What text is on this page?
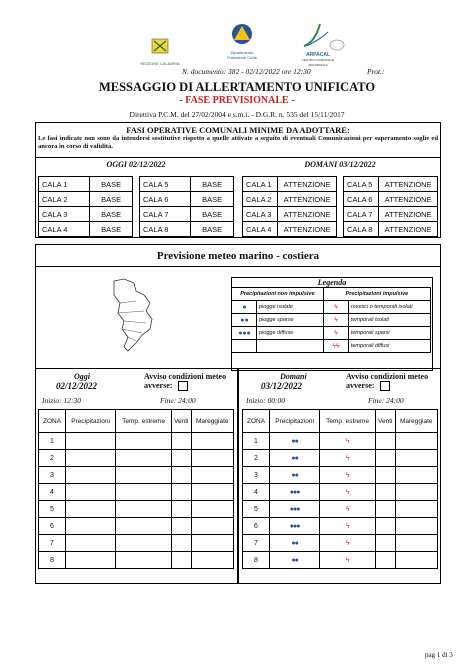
REGIONE CALABRIA
Dipartimento Protezione Civile	ARPACAL
CENTRO FUNZIONALE MULTIRISCHI
N. documento: 382 - 02/12/2022 ore 12:30	Prot.:
MESSAGGIO DI ALLERTAMENTO UNIFICATO
- FASE PREVISIONALE -
Direttiva P.C.M. del 27/02/2004 e s.m.i. - D.G.R. n. 535 del 15/11/2017
FASI OPERATIVE COMUNALI MINIME DA ADOTTARE:
Le fasi indicate non sono da intendersi sostitutive rispetto a quelle attivate a seguito di eventuali Comunicazioni per superamento soglie ed ancora in corso di validità.
OGGI 02/12/2022	DOMANI 03/12/2022
CALA 1	BASE		CALA 5	BASE
CALA 2	BASE		CALA 6	BASE
CALA 3	BASE		CALA 7	BASE
CALA 4	BASE		CALA 8	BASE
CALA 1	ATTENZIONE		CALA 5	ATTENZIONE
CALA 2	ATTENZIONE		CALA 6	ATTENZIONE
CALA 3	ATTENZIONE		CALA 7	ATTENZIONE
CALA 4	ATTENZIONE		CALA 8	ATTENZIONE
Previsione meteo marino - costiera
Legenda
Precipitazioni non impulsive		Precipitazioni impulsive	
●	piogge isolate	ϟ	rovesci o temporali isolati
● ●	piogge sparse	ϟ	temporali isolati
● ● ●	piogge diffuse	ϟ	temporali sparsi
		ϟϟ	temporali diffusi
Oggi
02/12/2022
Avviso condizioni meteo avverse:
Inizio: 12:30	Fine: 24:00
Domani
03/12/2022
Avviso condizioni meteo avverse:
Inizio: 00:00	Fine: 24:00
ZONA	Precipitazioni	Temp. estreme	Venti	Mareggiate
1				
2				
3				
4				
5				
6				
7				
8				
ZONA	Precipitazioni	Temp. estreme	Venti	Mareggiate
1	●●	ϟ		
2	●●	ϟ		
3	●●	ϟ		
4	●●●	ϟ		
5	●●●	ϟ		
6	●●●	ϟ		
7	●●	ϟ		
8	●●	ϟ		
pag 1 di 3
